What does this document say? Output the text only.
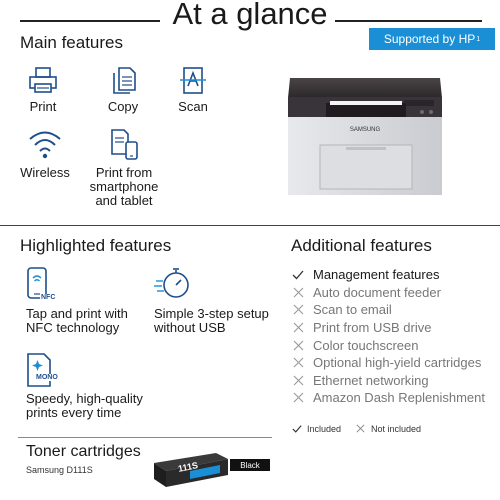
At a glance
Main features	Supported by HP 1
Print	Copy	Scan
Wireless	Print from
smartphone
and tablet
SAMSUNG
Highlighted features
NFC
Tap and print with
NFC technology
Simple 3-step setup
without USB
MONO
Speedy, high-quality
prints every time
Additional features
Management features
Auto document feeder
Scan to email
Print from USB drive
Color touchscreen
Optional high-yield cartridges
Ethernet networking
Amazon Dash Replenishment
Included	Not included
Toner cartridges
Samsung D111S	111S	Black
